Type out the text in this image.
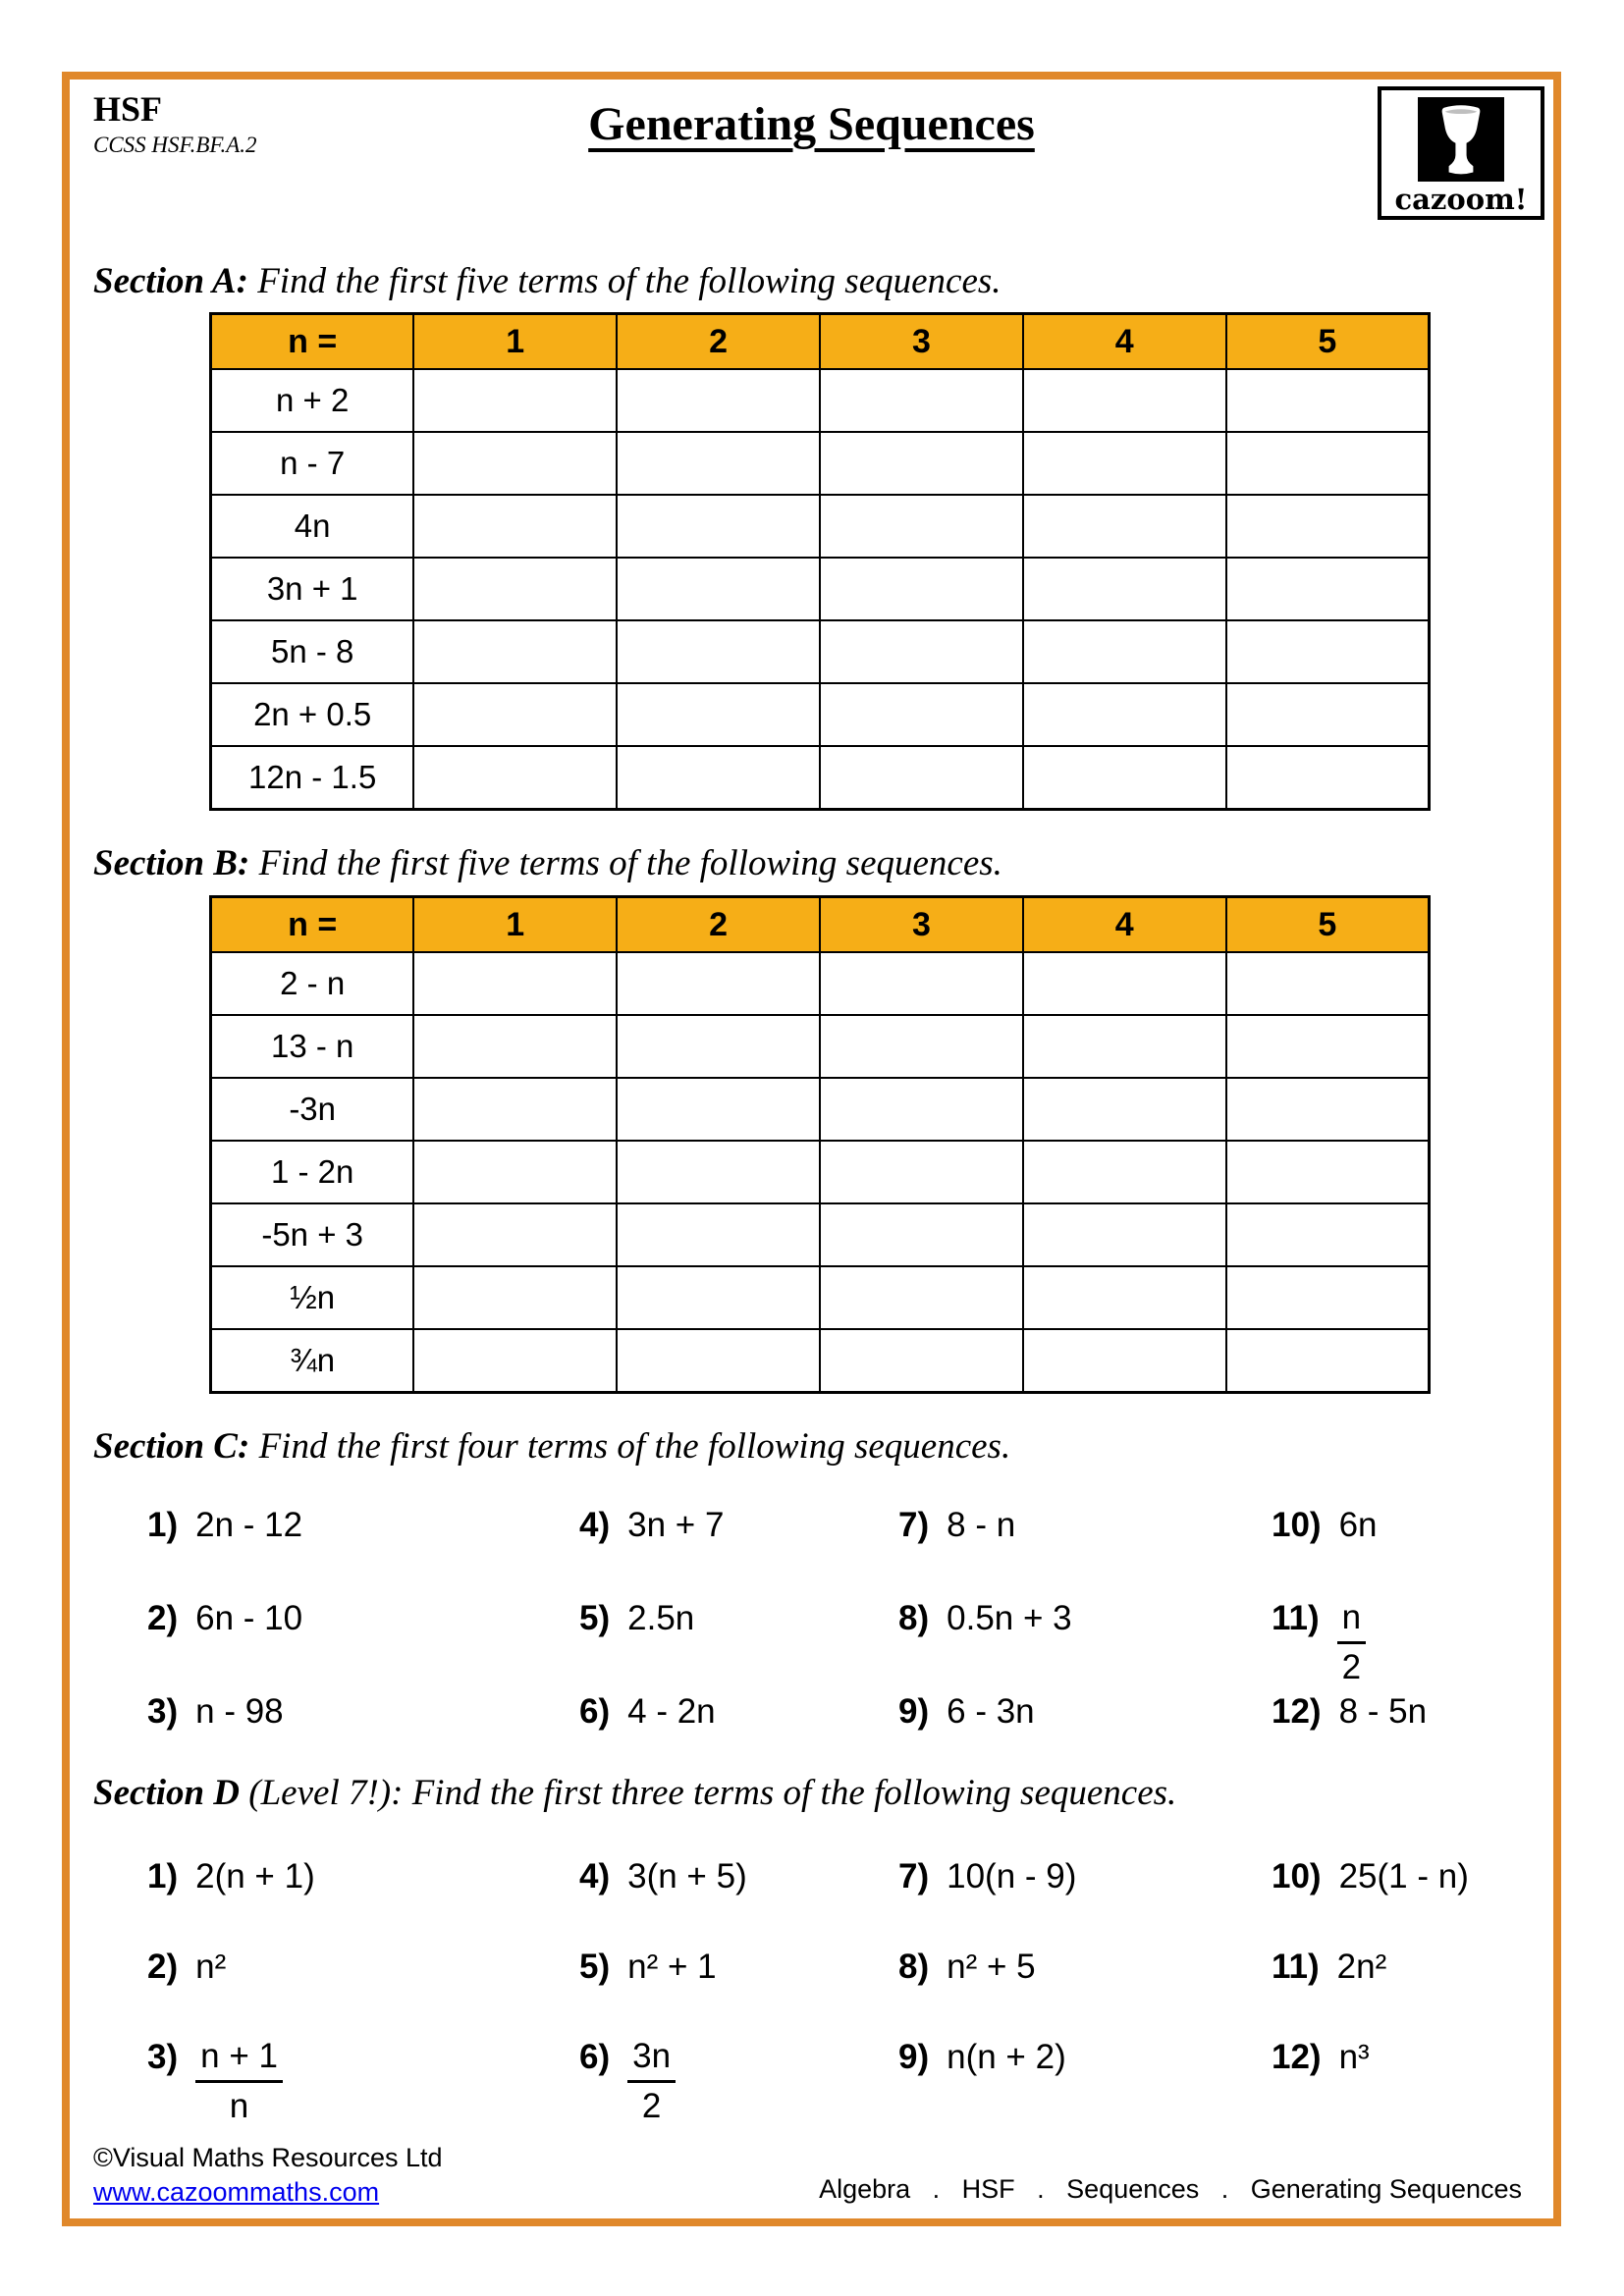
HSF
CCSS HSF.BF.A.2	Generating Sequences
cazoom!
Section A: Find the first five terms of the following sequences.
n =	1	2	3	4	5
n + 2					
n - 7					
4n					
3n + 1					
5n - 8					
2n + 0.5					
12n - 1.5					
Section B: Find the first five terms of the following sequences.
n =	1	2	3	4	5
2 - n					
13 - n					
-3n					
1 - 2n					
-5n + 3					
½n					
¾n					
Section C: Find the first four terms of the following sequences.
1) 2n - 12	4) 3n + 7	7) 8 - n	10) 6n
2) 6n - 10	5) 2.5n	8) 0.5n + 3	$11) \frac{n}{2}$
3) n - 98	6) 4 - 2n	9) 6 - 3n	12) 8 - 5n
Section D (Level 7!): Find the first three terms of the following sequences.
1) 2(n + 1)	4) 3(n + 5)	7) 10(n - 9)	10) 25(1 - n)
2) n²	5) n² + 1	8) n² + 5	11) 2n²
$3) \frac{n + 1}{n}$	$6) \frac{3n}{2}$	9) n(n + 2)	12) n³
©Visual Maths Resources Ltd
www.cazoommaths.com	Algebra   .   HSF   .   Sequences   .   Generating Sequences
